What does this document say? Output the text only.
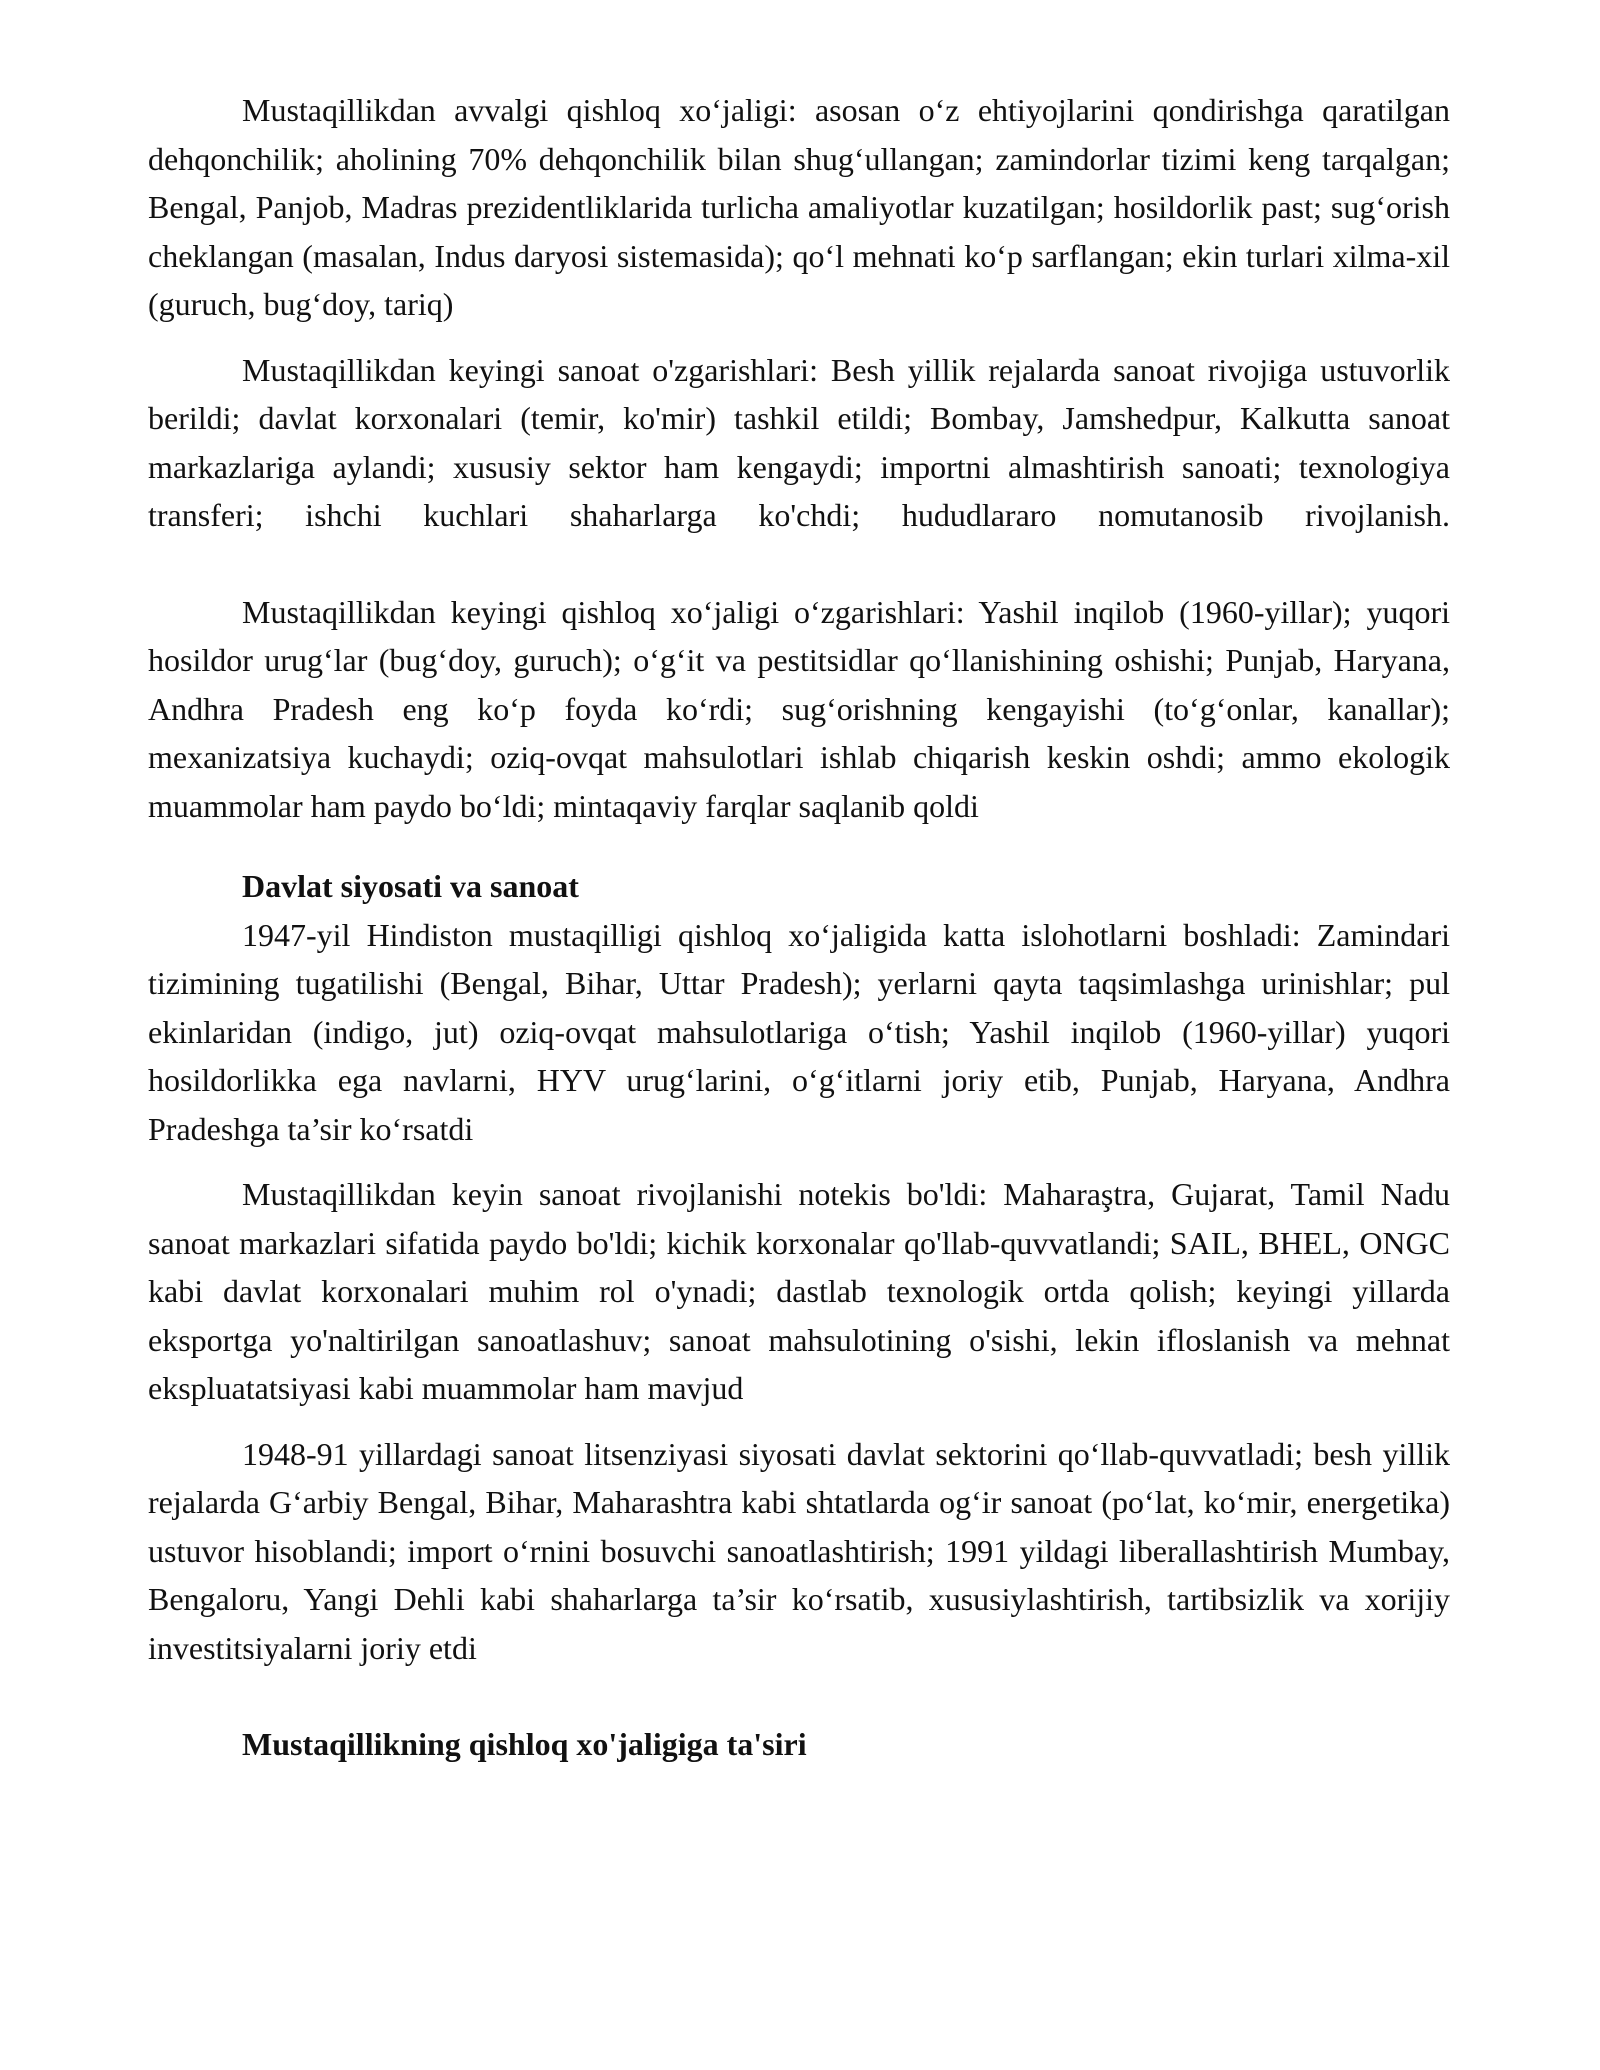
Mustaqillikdan avvalgi qishloq xo‘jaligi: asosan o‘z ehtiyojlarini qondirishga qaratilgan dehqonchilik; aholining 70% dehqonchilik bilan shug‘ullangan; zamindorlar tizimi keng tarqalgan; Bengal, Panjob, Madras prezidentliklarida turlicha amaliyotlar kuzatilgan; hosildorlik past; sug‘orish cheklangan (masalan, Indus daryosi sistemasida); qo‘l mehnati ko‘p sarflangan; ekin turlari xilma-xil (guruch, bug‘doy, tariq)

Mustaqillikdan keyingi sanoat o'zgarishlari: Besh yillik rejalarda sanoat rivojiga ustuvorlik berildi; davlat korxonalari (temir, ko'mir) tashkil etildi; Bombay, Jamshedpur, Kalkutta sanoat markazlariga aylandi; xususiy sektor ham kengaydi; importni almashtirish sanoati; texnologiya transferi; ishchi kuchlari shaharlarga ko'chdi; hududlararo nomutanosib rivojlanish.

Mustaqillikdan keyingi qishloq xo‘jaligi o‘zgarishlari: Yashil inqilob (1960-yillar); yuqori hosildor urug‘lar (bug‘doy, guruch); o‘g‘it va pestitsidlar qo‘llanishining oshishi; Punjab, Haryana, Andhra Pradesh eng ko‘p foyda ko‘rdi; sug‘orishning kengayishi (to‘g‘onlar, kanallar); mexanizatsiya kuchaydi; oziq-ovqat mahsulotlari ishlab chiqarish keskin oshdi; ammo ekologik muammolar ham paydo bo‘ldi; mintaqaviy farqlar saqlanib qoldi

Davlat siyosati va sanoat

1947-yil Hindiston mustaqilligi qishloq xo‘jaligida katta islohotlarni boshladi: Zamindari tizimining tugatilishi (Bengal, Bihar, Uttar Pradesh); yerlarni qayta taqsimlashga urinishlar; pul ekinlaridan (indigo, jut) oziq-ovqat mahsulotlariga o‘tish; Yashil inqilob (1960-yillar) yuqori hosildorlikka ega navlarni, HYV urug‘larini, o‘g‘itlarni joriy etib, Punjab, Haryana, Andhra Pradeshga ta’sir ko‘rsatdi

Mustaqillikdan keyin sanoat rivojlanishi notekis bo'ldi: Maharaştra, Gujarat, Tamil Nadu sanoat markazlari sifatida paydo bo'ldi; kichik korxonalar qo'llab-quvvatlandi; SAIL, BHEL, ONGC kabi davlat korxonalari muhim rol o'ynadi; dastlab texnologik ortda qolish; keyingi yillarda eksportga yo'naltirilgan sanoatlashuv; sanoat mahsulotining o'sishi, lekin ifloslanish va mehnat ekspluatatsiyasi kabi muammolar ham mavjud

1948-91 yillardagi sanoat litsenziyasi siyosati davlat sektorini qo‘llab-quvvatladi; besh yillik rejalarda G‘arbiy Bengal, Bihar, Maharashtra kabi shtatlarda og‘ir sanoat (po‘lat, ko‘mir, energetika) ustuvor hisoblandi; import o‘rnini bosuvchi sanoatlashtirish; 1991 yildagi liberallashtirish Mumbay, Bengaloru, Yangi Dehli kabi shaharlarga ta’sir ko‘rsatib, xususiylashtirish, tartibsizlik va xorijiy investitsiyalarni joriy etdi

Mustaqillikning qishloq xo'jaligiga ta'siri
